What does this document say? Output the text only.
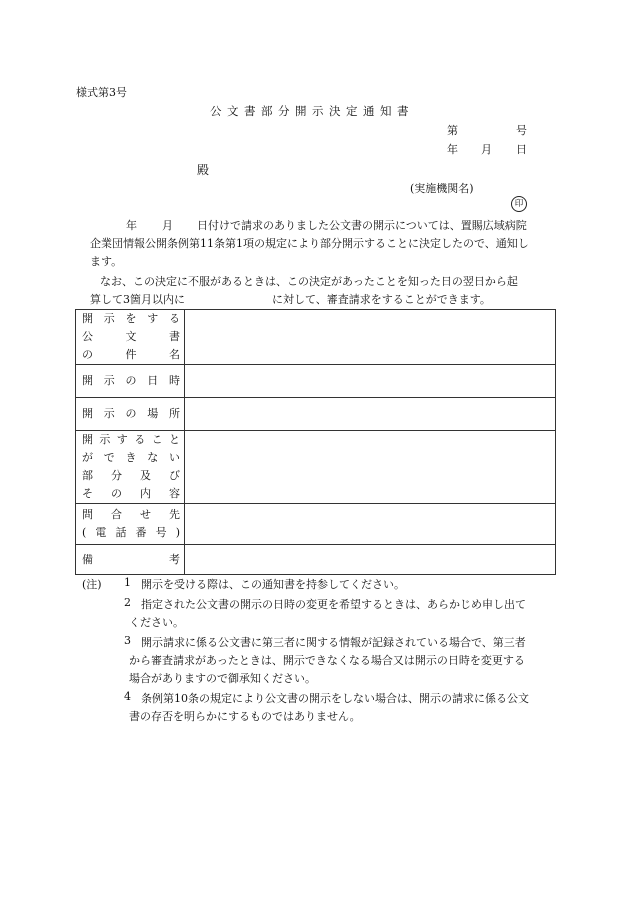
様式第3号
公文書部分開示決定通知書
第	号
年 月 日
殿
(実施機関名)
印
年 月 日付けで請求のありました公文書の開示については、置賜広域病院
企業団情報公開条例第11条第1項の規定により部分開示することに決定したので、通知し
ます。
なお、この決定に不服があるときは、この決定があったことを知った日の翌日から起
算して3箇月以内に	に対して、審査請求をすることができます。
開示をする
公　文　書
の　件　名	

開示の日時	

開示の場所	

開示すること
ができない
部分及び
その内容	

問合せ先
(電話番号)	

備　　　　考	

(注) 1 開示を受ける際は、この通知書を持参してください。
2 指定された公文書の開示の日時の変更を希望するときは、あらかじめ申し出て
ください。
3 開示請求に係る公文書に第三者に関する情報が記録されている場合で、第三者
から審査請求があったときは、開示できなくなる場合又は開示の日時を変更する
場合がありますので御承知ください。
4 条例第10条の規定により公文書の開示をしない場合は、開示の請求に係る公文
書の存否を明らかにするものではありません。
